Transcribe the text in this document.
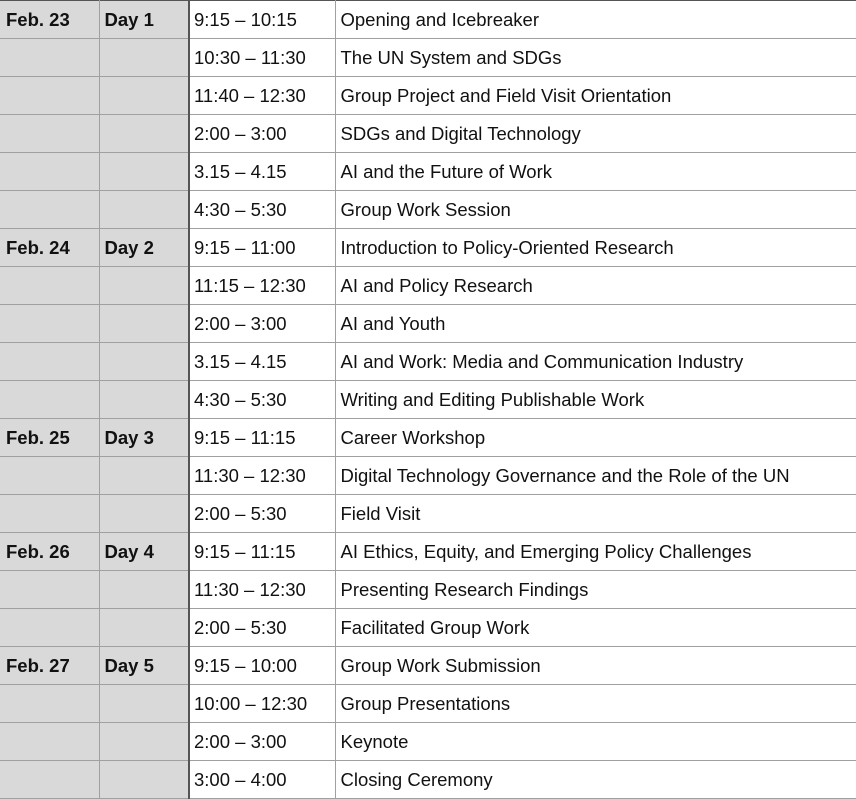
Feb. 23	Day 1	9:15 – 10:15	Opening and Icebreaker
		10:30 – 11:30	The UN System and SDGs
		11:40 – 12:30	Group Project and Field Visit Orientation
		2:00 – 3:00	SDGs and Digital Technology
		3.15 – 4.15	AI and the Future of Work
		4:30 – 5:30	Group Work Session
Feb. 24	Day 2	9:15 – 11:00	Introduction to Policy-Oriented Research
		11:15 – 12:30	AI and Policy Research
		2:00 – 3:00	AI and Youth
		3.15 – 4.15	AI and Work: Media and Communication Industry
		4:30 – 5:30	Writing and Editing Publishable Work
Feb. 25	Day 3	9:15 – 11:15	Career Workshop
		11:30 – 12:30	Digital Technology Governance and the Role of the UN
		2:00 – 5:30	Field Visit
Feb. 26	Day 4	9:15 – 11:15	AI Ethics, Equity, and Emerging Policy Challenges
		11:30 – 12:30	Presenting Research Findings
		2:00 – 5:30	Facilitated Group Work
Feb. 27	Day 5	9:15 – 10:00	Group Work Submission
		10:00 – 12:30	Group Presentations
		2:00 – 3:00	Keynote
		3:00 – 4:00	Closing Ceremony
